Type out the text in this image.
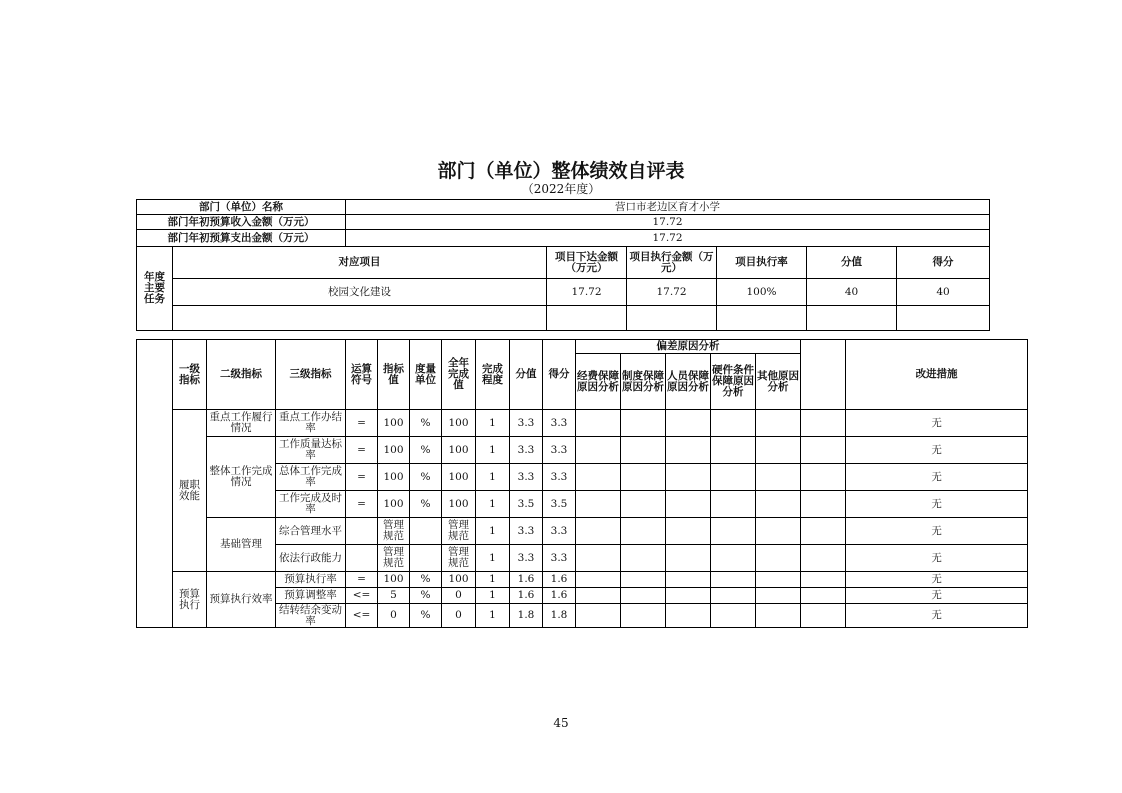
部门（单位）整体绩效自评表
（2022年度）
部门（单位）名称		营口市老边区育才小学					
部门年初预算收入金额（万元）		17.72					
部门年初预算支出金额（万元）		17.72					
年度主要任务	对应项目		项目下达金额（万元）	项目执行金额（万元）	项目执行率	分值	得分
	校园文化建设		17.72	17.72	100%	40	40

	一级指标	二级指标	三级指标	运算符号	指标值	度量单位	全年完成值	完成程度	分值	得分	偏差原因分析						改进措施
											经费保障原因分析	制度保障原因分析	人员保障原因分析	硬件条件保障原因分析	其他原因分析		
	履职效能	重点工作履行情况	重点工作办结率	=	100	%	100	1	3.3	3.3							无
		整体工作完成情况	工作质量达标率	=	100	%	100	1	3.3	3.3							无
			总体工作完成率	=	100	%	100	1	3.3	3.3							无
			工作完成及时率	=	100	%	100	1	3.5	3.5							无
		基础管理	综合管理水平		管理规范		管理规范	1	3.3	3.3							无
			依法行政能力		管理规范		管理规范	1	3.3	3.3							无
	预算执行	预算执行效率	预算执行率	=	100	%	100	1	1.6	1.6							无
			预算调整率	<=	5	%	0	1	1.6	1.6							无
			结转结余变动率	<=	0	%	0	1	1.8	1.8							无
45
